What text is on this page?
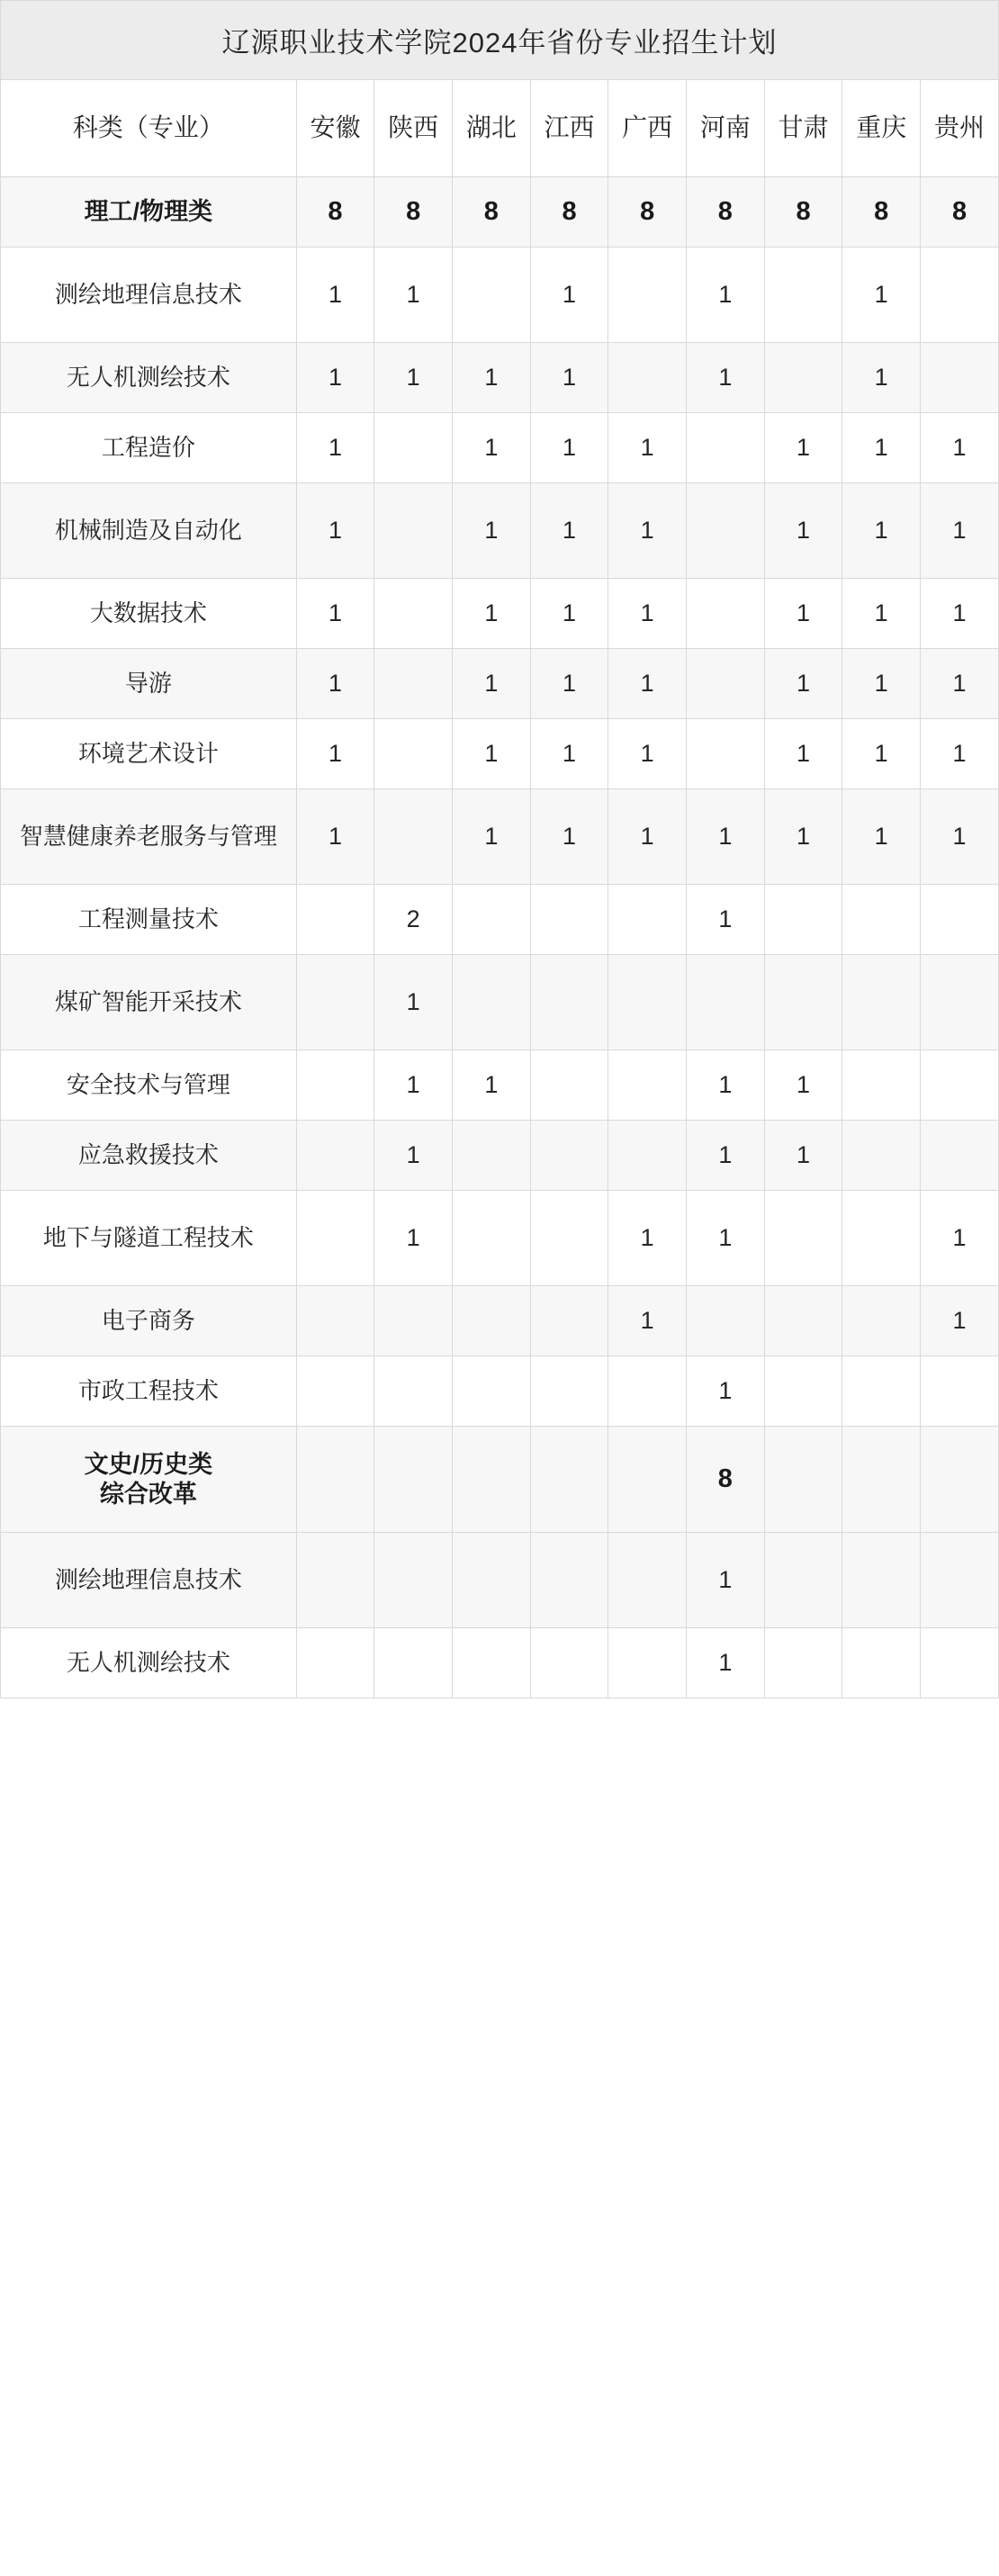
辽源职业技术学院2024年省份专业招生计划									
科类（专业）	安徽	陕西	湖北	江西	广西	河南	甘肃	重庆	贵州
理工/物理类	8	8	8	8	8	8	8	8	8
测绘地理信息技术	1	1		1		1		1	
无人机测绘技术	1	1	1	1		1		1	
工程造价	1		1	1	1		1	1	1
机械制造及自动化	1		1	1	1		1	1	1
大数据技术	1		1	1	1		1	1	1
导游	1		1	1	1		1	1	1
环境艺术设计	1		1	1	1		1	1	1
智慧健康养老服务与管理	1		1	1	1	1	1	1	1
工程测量技术		2				1			
煤矿智能开采技术		1							
安全技术与管理		1	1			1	1		
应急救援技术		1				1	1		
地下与隧道工程技术		1			1	1			1
电子商务					1				1
市政工程技术						1			
文史/历史类
综合改革						8			
测绘地理信息技术						1			
无人机测绘技术						1			
